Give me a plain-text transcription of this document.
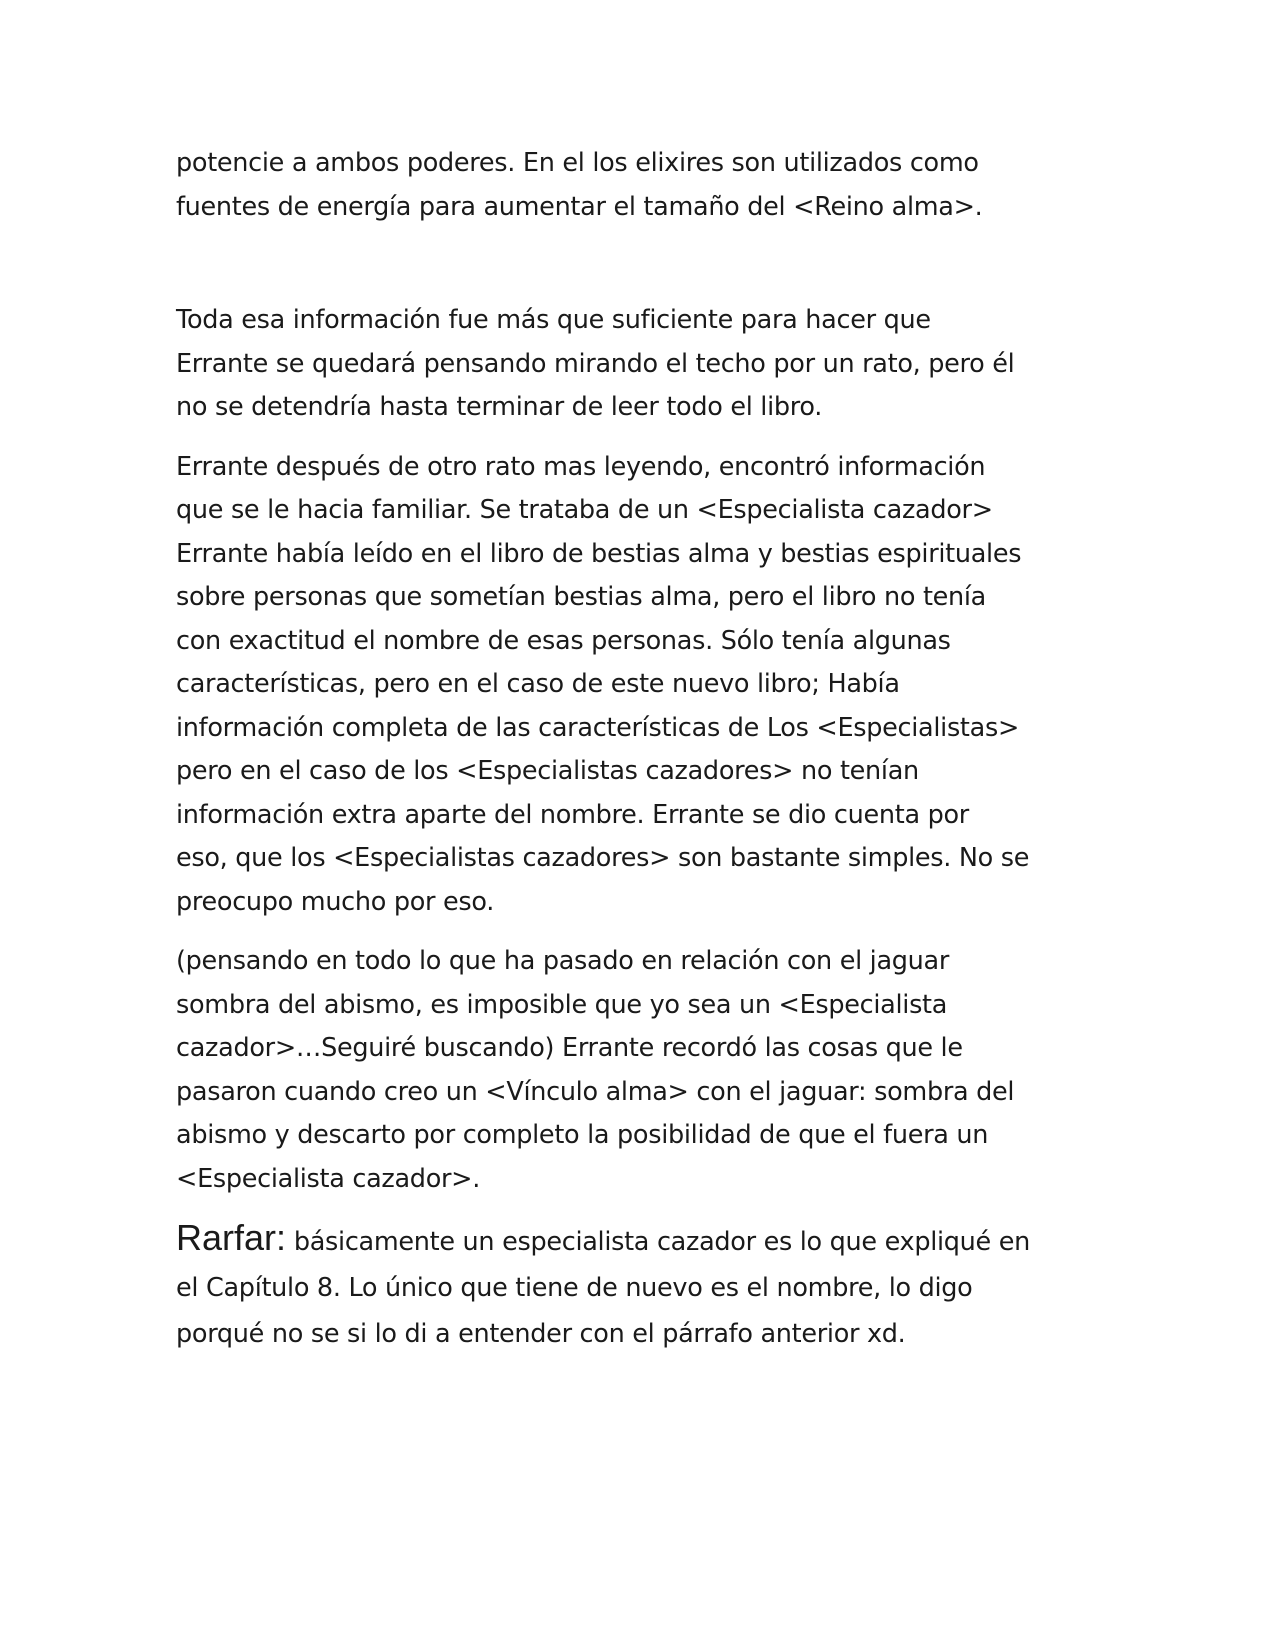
potencie a ambos poderes. En el los elixires son utilizados como
fuentes de energía para aumentar el tamaño del <Reino alma>.

Toda esa información fue más que suficiente para hacer que
Errante se quedará pensando mirando el techo por un rato, pero él
no se detendría hasta terminar de leer todo el libro.

Errante después de otro rato mas leyendo, encontró información
que se le hacia familiar. Se trataba de un <Especialista cazador>
Errante había leído en el libro de bestias alma y bestias espirituales
sobre personas que sometían bestias alma, pero el libro no tenía
con exactitud el nombre de esas personas. Sólo tenía algunas
características, pero en el caso de este nuevo libro; Había
información completa de las características de Los <Especialistas>
pero en el caso de los <Especialistas cazadores> no tenían
información extra aparte del nombre. Errante se dio cuenta por
eso, que los <Especialistas cazadores> son bastante simples. No se
preocupo mucho por eso.

(pensando en todo lo que ha pasado en relación con el jaguar
sombra del abismo, es imposible que yo sea un <Especialista
cazador>…Seguiré buscando) Errante recordó las cosas que le
pasaron cuando creo un <Vínculo alma> con el jaguar: sombra del
abismo y descarto por completo la posibilidad de que el fuera un
<Especialista cazador>.

Rarfar: básicamente un especialista cazador es lo que expliqué en
el Capítulo 8. Lo único que tiene de nuevo es el nombre, lo digo
porqué no se si lo di a entender con el párrafo anterior xd.
